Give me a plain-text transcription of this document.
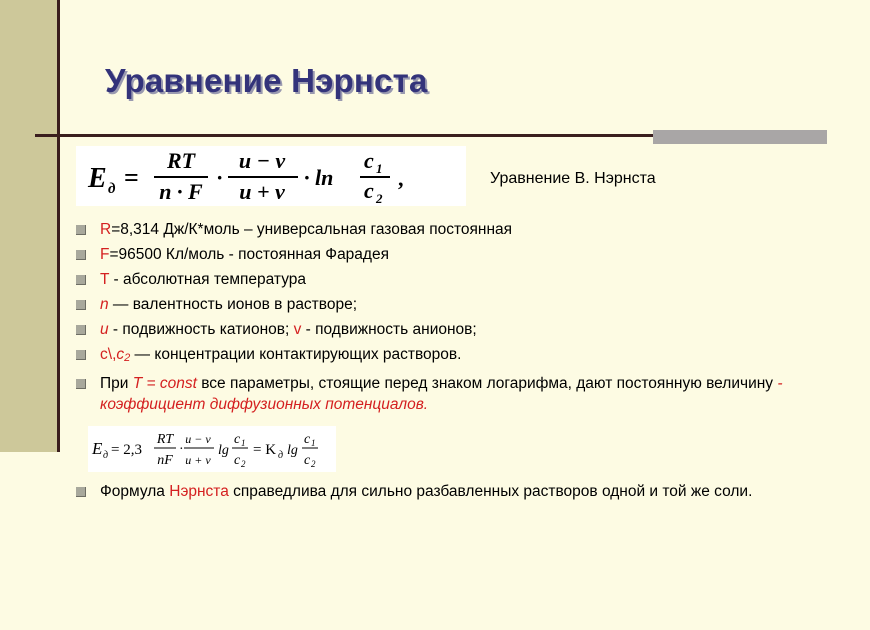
Уравнение Нэрнста
E д =
RT
n · F
·
u − v
u + v
· ln
c 1
c 2
,	Уравнение В. Нэрнста
R=8,314 Дж/К*моль – универсальная газовая постоянная
F=96500 Кл/моль - постоянная Фарадея
T - абсолютная температура
n — валентность ионов в растворе;
u - подвижность катионов; v - подвижность анионов;
c\,c2 — концентрации контактирующих растворов.
При T = const все параметры, стоящие перед знаком логарифма, дают постоянную величину - коэффициент диффузионных потенциалов.
Формула Нэрнста справедлива для сильно разбавленных растворов одной и той же соли.
E д = 2,3
RT
nF
·
u − v
u + v
lg
c 1
c 2
= K д lg
c 1
c 2
